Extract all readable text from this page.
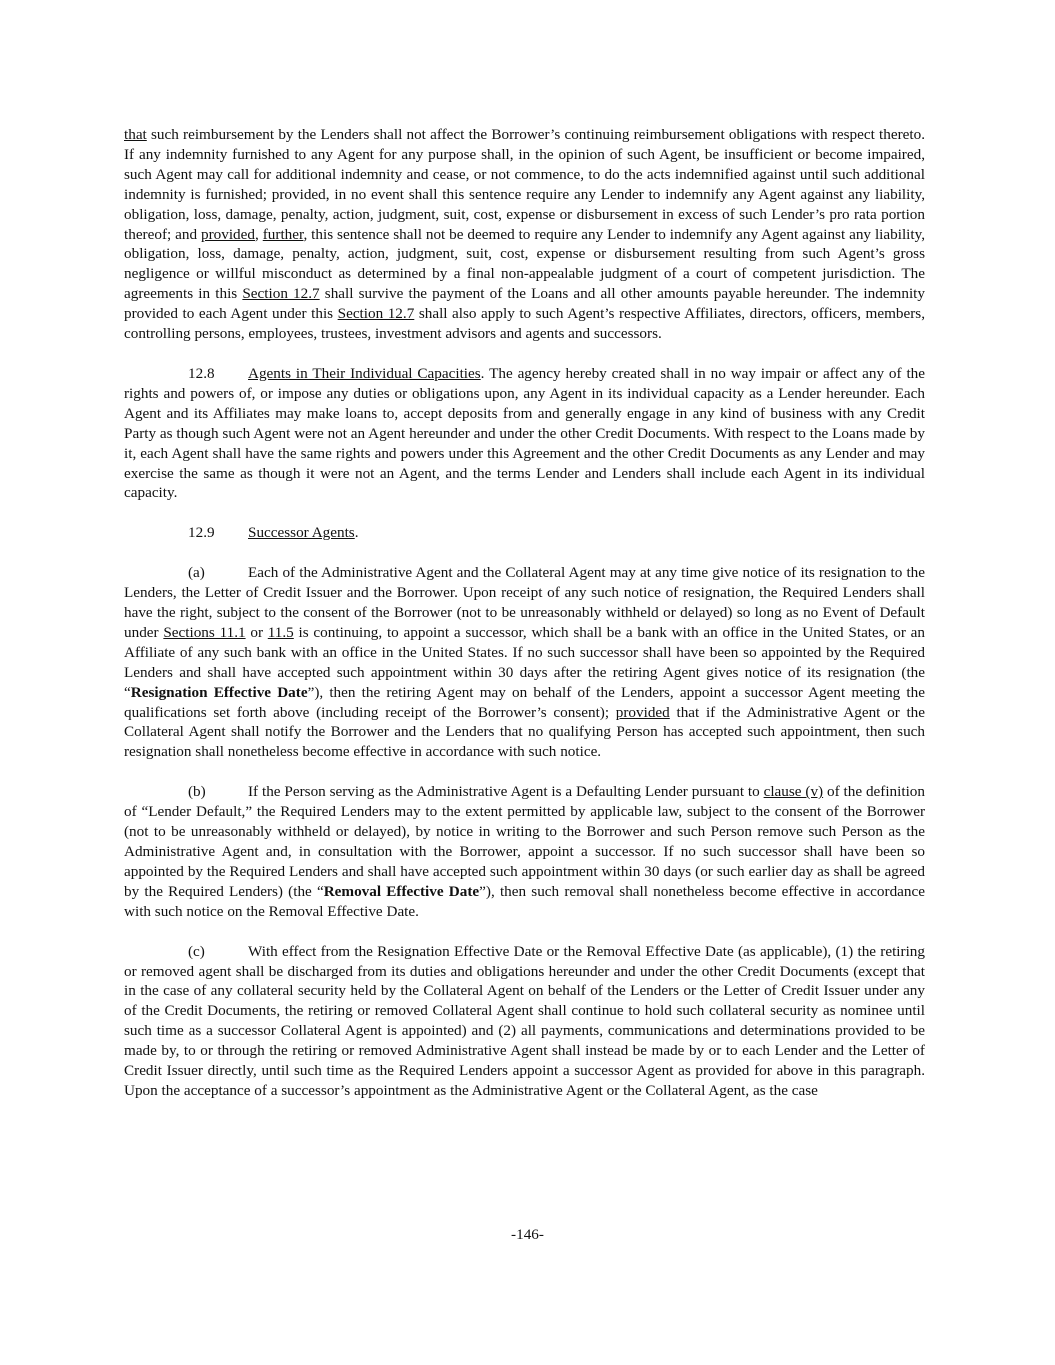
that such reimbursement by the Lenders shall not affect the Borrower’s continuing reimbursement obligations with respect thereto. If any indemnity furnished to any Agent for any purpose shall, in the opinion of such Agent, be insufficient or become impaired, such Agent may call for additional indemnity and cease, or not commence, to do the acts indemnified against until such additional indemnity is furnished; provided, in no event shall this sentence require any Lender to indemnify any Agent against any liability, obligation, loss, damage, penalty, action, judgment, suit, cost, expense or disbursement in excess of such Lender’s pro rata portion thereof; and provided, further, this sentence shall not be deemed to require any Lender to indemnify any Agent against any liability, obligation, loss, damage, penalty, action, judgment, suit, cost, expense or disbursement resulting from such Agent’s gross negligence or willful misconduct as determined by a final non-appealable judgment of a court of competent jurisdiction. The agreements in this Section 12.7 shall survive the payment of the Loans and all other amounts payable hereunder. The indemnity provided to each Agent under this Section 12.7 shall also apply to such Agent’s respective Affiliates, directors, officers, members, controlling persons, employees, trustees, investment advisors and agents and successors.

12.8 Agents in Their Individual Capacities. The agency hereby created shall in no way impair or affect any of the rights and powers of, or impose any duties or obligations upon, any Agent in its individual capacity as a Lender hereunder. Each Agent and its Affiliates may make loans to, accept deposits from and generally engage in any kind of business with any Credit Party as though such Agent were not an Agent hereunder and under the other Credit Documents. With respect to the Loans made by it, each Agent shall have the same rights and powers under this Agreement and the other Credit Documents as any Lender and may exercise the same as though it were not an Agent, and the terms Lender and Lenders shall include each Agent in its individual capacity.

12.9 Successor Agents.

(a)	Each of the Administrative Agent and the Collateral Agent may at any time give notice of its resignation to the Lenders, the Letter of Credit Issuer and the Borrower. Upon receipt of any such notice of resignation, the Required Lenders shall have the right, subject to the consent of the Borrower (not to be unreasonably withheld or delayed) so long as no Event of Default under Sections 11.1 or 11.5 is continuing, to appoint a successor, which shall be a bank with an office in the United States, or an Affiliate of any such bank with an office in the United States. If no such successor shall have been so appointed by the Required Lenders and shall have accepted such appointment within 30 days after the retiring Agent gives notice of its resignation (the “Resignation Effective Date”), then the retiring Agent may on behalf of the Lenders, appoint a successor Agent meeting the qualifications set forth above (including receipt of the Borrower’s consent); provided that if the Administrative Agent or the Collateral Agent shall notify the Borrower and the Lenders that no qualifying Person has accepted such appointment, then such resignation shall nonetheless become effective in accordance with such notice.

(b)	If the Person serving as the Administrative Agent is a Defaulting Lender pursuant to clause (v) of the definition of “Lender Default,” the Required Lenders may to the extent permitted by applicable law, subject to the consent of the Borrower (not to be unreasonably withheld or delayed), by notice in writing to the Borrower and such Person remove such Person as the Administrative Agent and, in consultation with the Borrower, appoint a successor. If no such successor shall have been so appointed by the Required Lenders and shall have accepted such appointment within 30 days (or such earlier day as shall be agreed by the Required Lenders) (the “Removal Effective Date”), then such removal shall nonetheless become effective in accordance with such notice on the Removal Effective Date.

(c)	With effect from the Resignation Effective Date or the Removal Effective Date (as applicable), (1) the retiring or removed agent shall be discharged from its duties and obligations hereunder and under the other Credit Documents (except that in the case of any collateral security held by the Collateral Agent on behalf of the Lenders or the Letter of Credit Issuer under any of the Credit Documents, the retiring or removed Collateral Agent shall continue to hold such collateral security as nominee until such time as a successor Collateral Agent is appointed) and (2) all payments, communications and determinations provided to be made by, to or through the retiring or removed Administrative Agent shall instead be made by or to each Lender and the Letter of Credit Issuer directly, until such time as the Required Lenders appoint a successor Agent as provided for above in this paragraph. Upon the acceptance of a successor’s appointment as the Administrative Agent or the Collateral Agent, as the case

-146-
